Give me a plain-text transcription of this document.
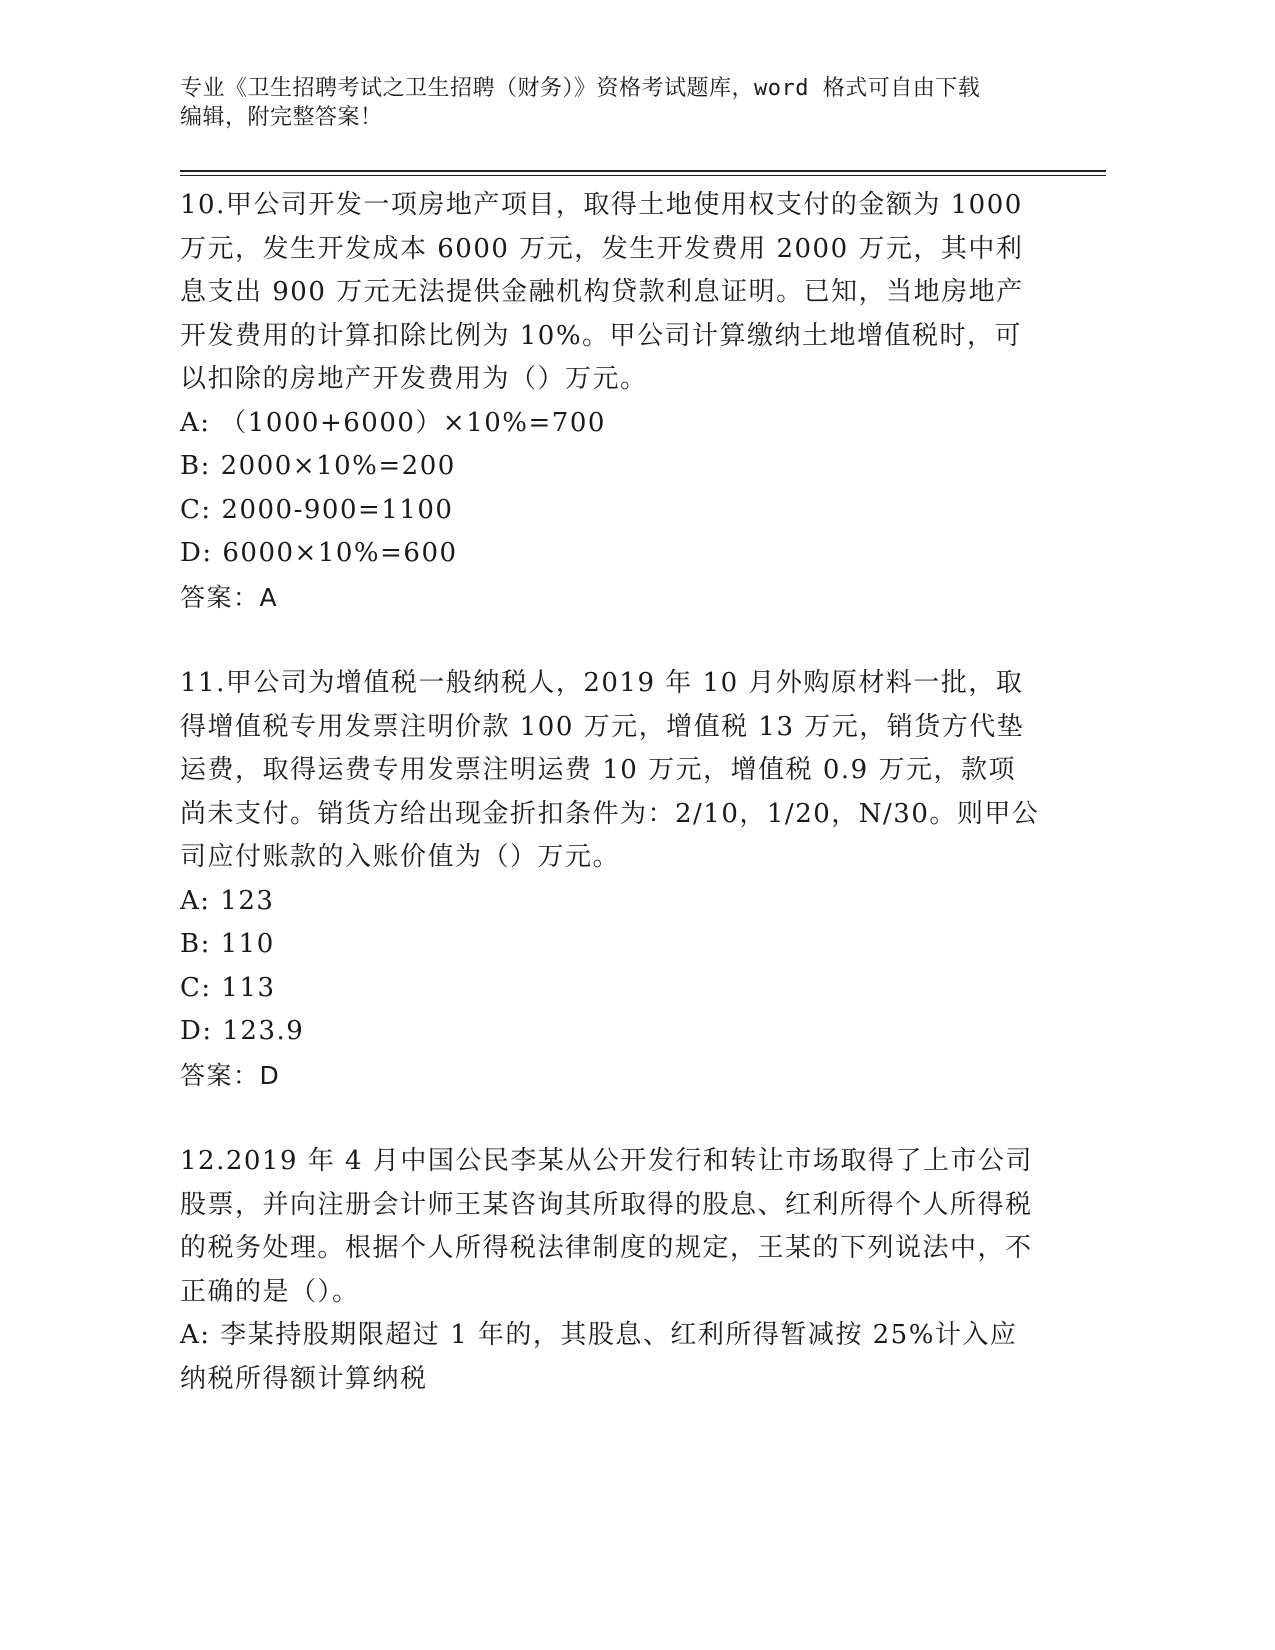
专业《卫生招聘考试之卫生招聘（财务）》资格考试题库，word 格式可自由下载
编辑，附完整答案！

10.甲公司开发一项房地产项目，取得土地使用权支付的金额为 1000 万元，发生开发成本 6000 万元，发生开发费用 2000 万元，其中利息支出 900 万元无法提供金融机构贷款利息证明。已知，当地房地产开发费用的计算扣除比例为 10%。甲公司计算缴纳土地增值税时，可以扣除的房地产开发费用为（）万元。

A: （1000+6000）×10%=700

B: 2000×10%=200

C: 2000-900=1100

D: 6000×10%=600

答案：A

11.甲公司为增值税一般纳税人，2019 年 10 月外购原材料一批，取得增值税专用发票注明价款 100 万元，增值税 13 万元，销货方代垫运费，取得运费专用发票注明运费 10 万元，增值税 0.9 万元，款项尚未支付。销货方给出现金折扣条件为：2/10，1/20，N/30。则甲公司应付账款的入账价值为（）万元。

A: 123

B: 110

C: 113

D: 123.9

答案：D

12.2019 年 4 月中国公民李某从公开发行和转让市场取得了上市公司股票，并向注册会计师王某咨询其所取得的股息、红利所得个人所得税的税务处理。根据个人所得税法律制度的规定，王某的下列说法中，不正确的是（）。

A: 李某持股期限超过 1 年的，其股息、红利所得暂减按 25%计入应纳税所得额计算纳税
